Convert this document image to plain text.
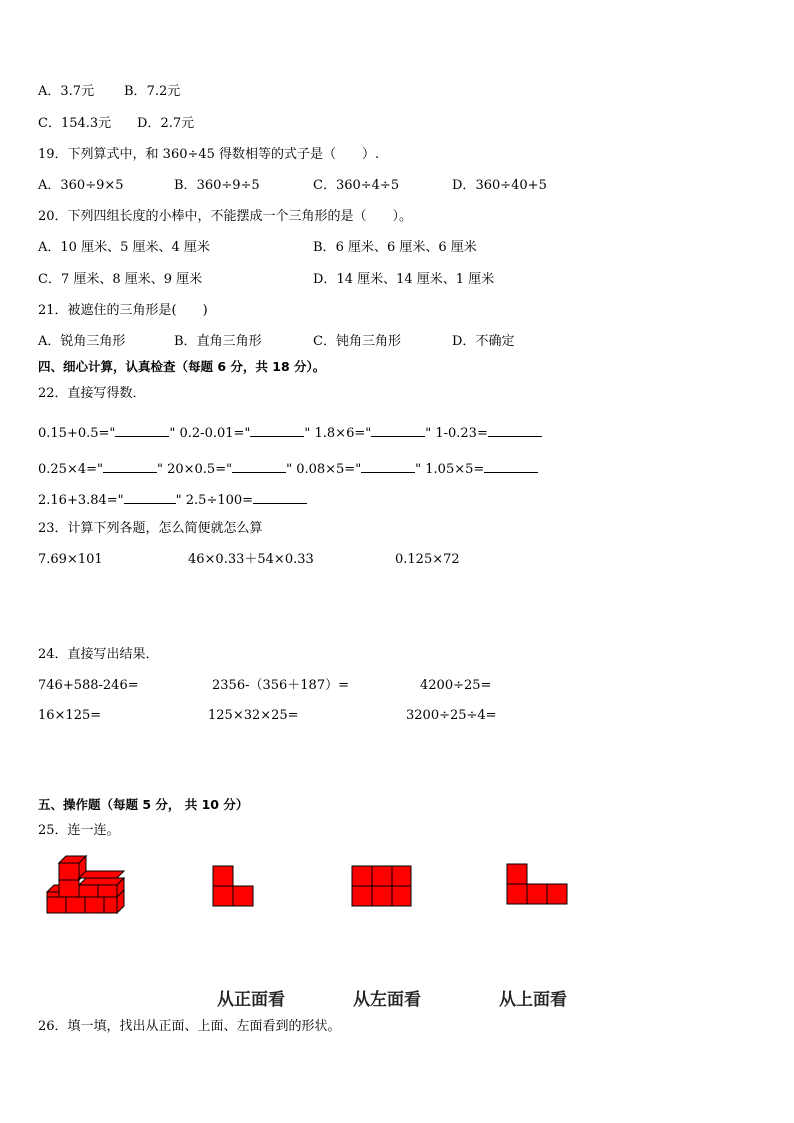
A．3.7元 B．7.2元
C．154.3元 D．2.7元
19．下列算式中，和 360÷45 得数相等的式子是（　　）.
A．360÷9×5	B．360÷9÷5	C．360÷4÷5	D．360÷40+5
20．下列四组长度的小棒中，不能摆成一个三角形的是（　　）。
A．10 厘米、5 厘米、4 厘米	B．6 厘米、6 厘米、6 厘米
C．7 厘米、8 厘米、9 厘米	D．14 厘米、14 厘米、1 厘米
21．被遮住的三角形是(　　)
A．锐角三角形	B．直角三角形	C．钝角三角形	D．不确定
四、细心计算，认真检查（每题 6 分，共 18 分）。
22．直接写得数．
0.15+0.5="	" 0.2-0.01="	" 1.8×6="	" 1-0.23=
0.25×4="	" 20×0.5="	" 0.08×5="	" 1.05×5=
2.16+3.84="	" 2.5÷100=
23．计算下列各题，怎么简便就怎么算
7.69×101	46×0.33＋54×0.33	0.125×72
24．直接写出结果．
746+588-246=	2356-（356＋187）=	4200÷25=
16×125=	125×32×25=	3200÷25÷4=
五、操作题（每题 5 分， 共 10 分）
25．连一连。
从正面看	从左面看	从上面看
26．填一填，找出从正面、上面、左面看到的形状。
